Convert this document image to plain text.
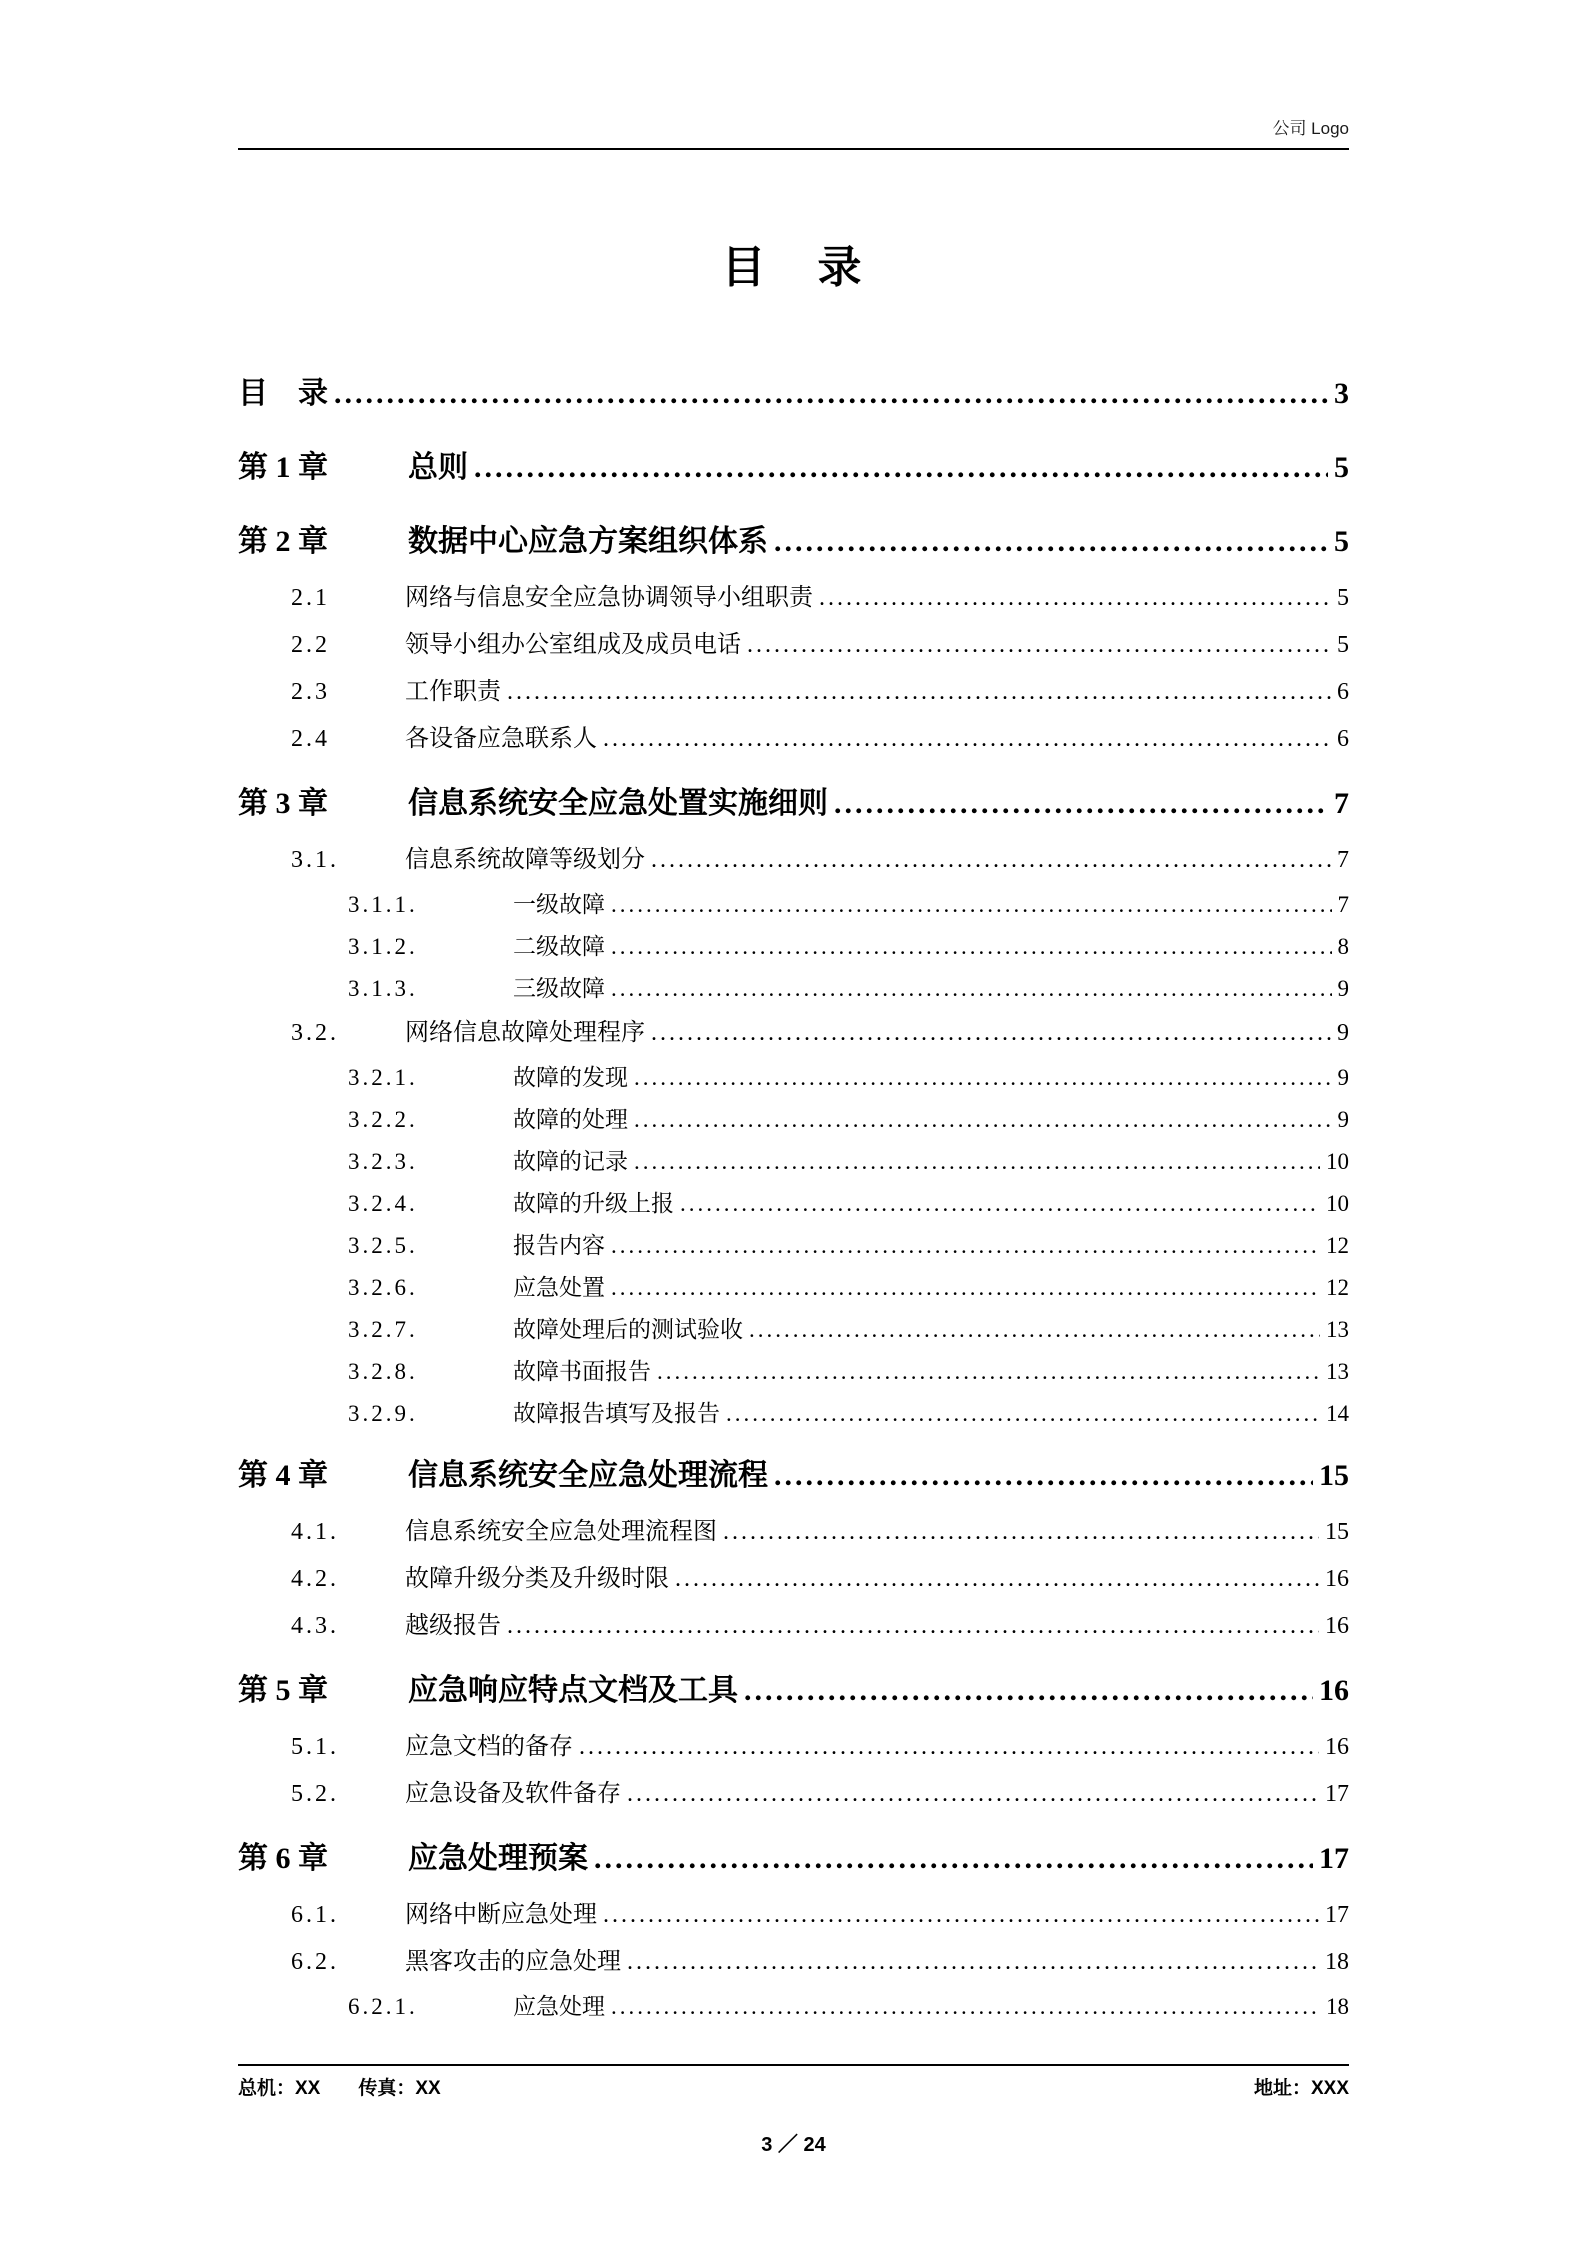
公司 Logo
目　录
目　录 .....	3
第 1 章	总则 .....	5
第 2 章	数据中心应急方案组织体系 .....	5
2.1	网络与信息安全应急协调领导小组职责 .....	5
2.2	领导小组办公室组成及成员电话 .....	5
2.3	工作职责 .....	6
2.4	各设备应急联系人 .....	6
第 3 章	信息系统安全应急处置实施细则 .....	7
3.1.	信息系统故障等级划分 .....	7
3.1.1.	一级故障 .....	7
3.1.2.	二级故障 .....	8
3.1.3.	三级故障 .....	9
3.2.	网络信息故障处理程序 .....	9
3.2.1.	故障的发现 .....	9
3.2.2.	故障的处理 .....	9
3.2.3.	故障的记录 .....	10
3.2.4.	故障的升级上报 .....	10
3.2.5.	报告内容 .....	12
3.2.6.	应急处置 .....	12
3.2.7.	故障处理后的测试验收 .....	13
3.2.8.	故障书面报告 .....	13
3.2.9.	故障报告填写及报告 .....	14
第 4 章	信息系统安全应急处理流程 .....	15
4.1.	信息系统安全应急处理流程图 .....	15
4.2.	故障升级分类及升级时限 .....	16
4.3.	越级报告 .....	16
第 5 章	应急响应特点文档及工具 .....	16
5.1.	应急文档的备存 .....	16
5.2.	应急设备及软件备存 .....	17
第 6 章	应急处理预案 .....	17
6.1.	网络中断应急处理 .....	17
6.2.	黑客攻击的应急处理 .....	18
6.2.1.	应急处理 .....	18
总机：XX 传真：XX	地址：XXX
3 ／ 24
